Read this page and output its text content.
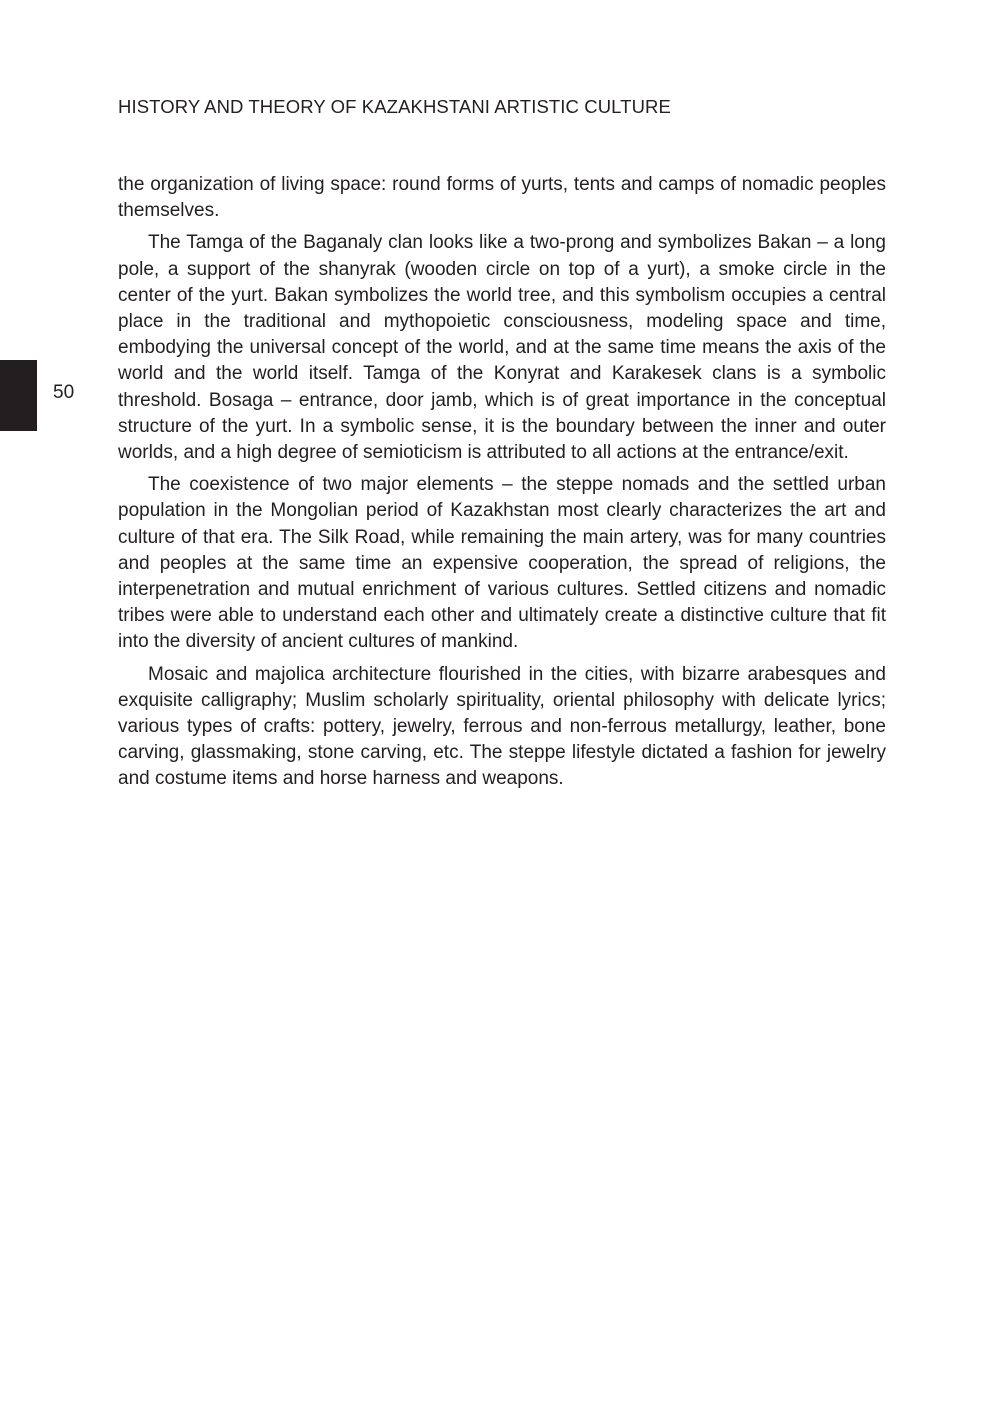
HISTORY AND THEORY OF KAZAKHSTANI ARTISTIC CULTURE
50

the organization of living space: round forms of yurts, tents and camps of nomadic peoples themselves.

The Tamga of the Baganaly clan looks like a two-prong and symbolizes Bakan – a long pole, a support of the shanyrak (wooden circle on top of a yurt), a smoke circle in the center of the yurt. Bakan symbolizes the world tree, and this symbolism occupies a central place in the traditional and mythopoietic consciousness, modeling space and time, embodying the universal concept of the world, and at the same time means the axis of the world and the world itself. Tamga of the Konyrat and Karakesek clans is a symbolic threshold. Bosaga – entrance, door jamb, which is of great importance in the conceptual structure of the yurt. In a symbolic sense, it is the boundary between the inner and outer worlds, and a high degree of semioticism is attributed to all actions at the entrance/exit.

The coexistence of two major elements – the steppe nomads and the settled urban population in the Mongolian period of Kazakhstan most clearly characterizes the art and culture of that era. The Silk Road, while remaining the main artery, was for many countries and peoples at the same time an expensive cooperation, the spread of religions, the interpenetration and mutual enrichment of various cultures. Settled citizens and nomadic tribes were able to understand each other and ultimately create a distinctive culture that fit into the diversity of ancient cultures of mankind.

Mosaic and majolica architecture flourished in the cities, with bizarre arabesques and exquisite calligraphy; Muslim scholarly spirituality, oriental philosophy with delicate lyrics; various types of crafts: pottery, jewelry, ferrous and non-ferrous metallurgy, leather, bone carving, glassmaking, stone carving, etc. The steppe lifestyle dictated a fashion for jewelry and costume items and horse harness and weapons.
